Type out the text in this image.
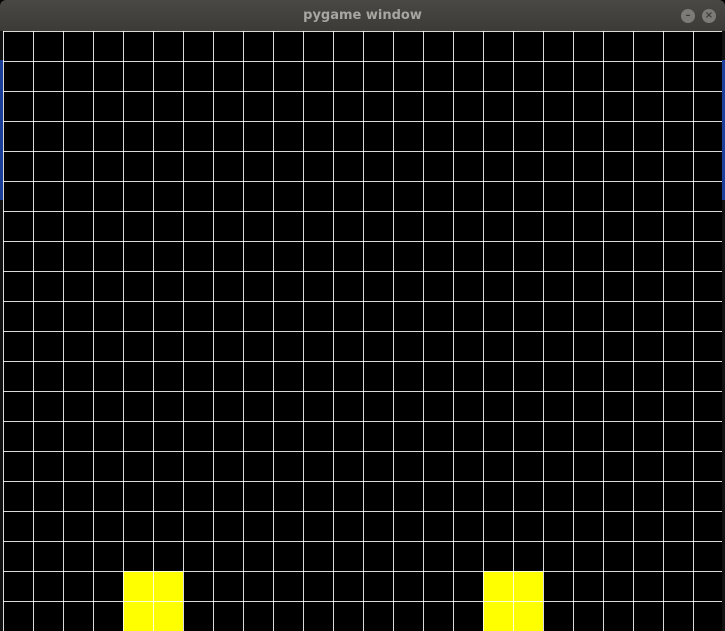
pygame window	–	×
